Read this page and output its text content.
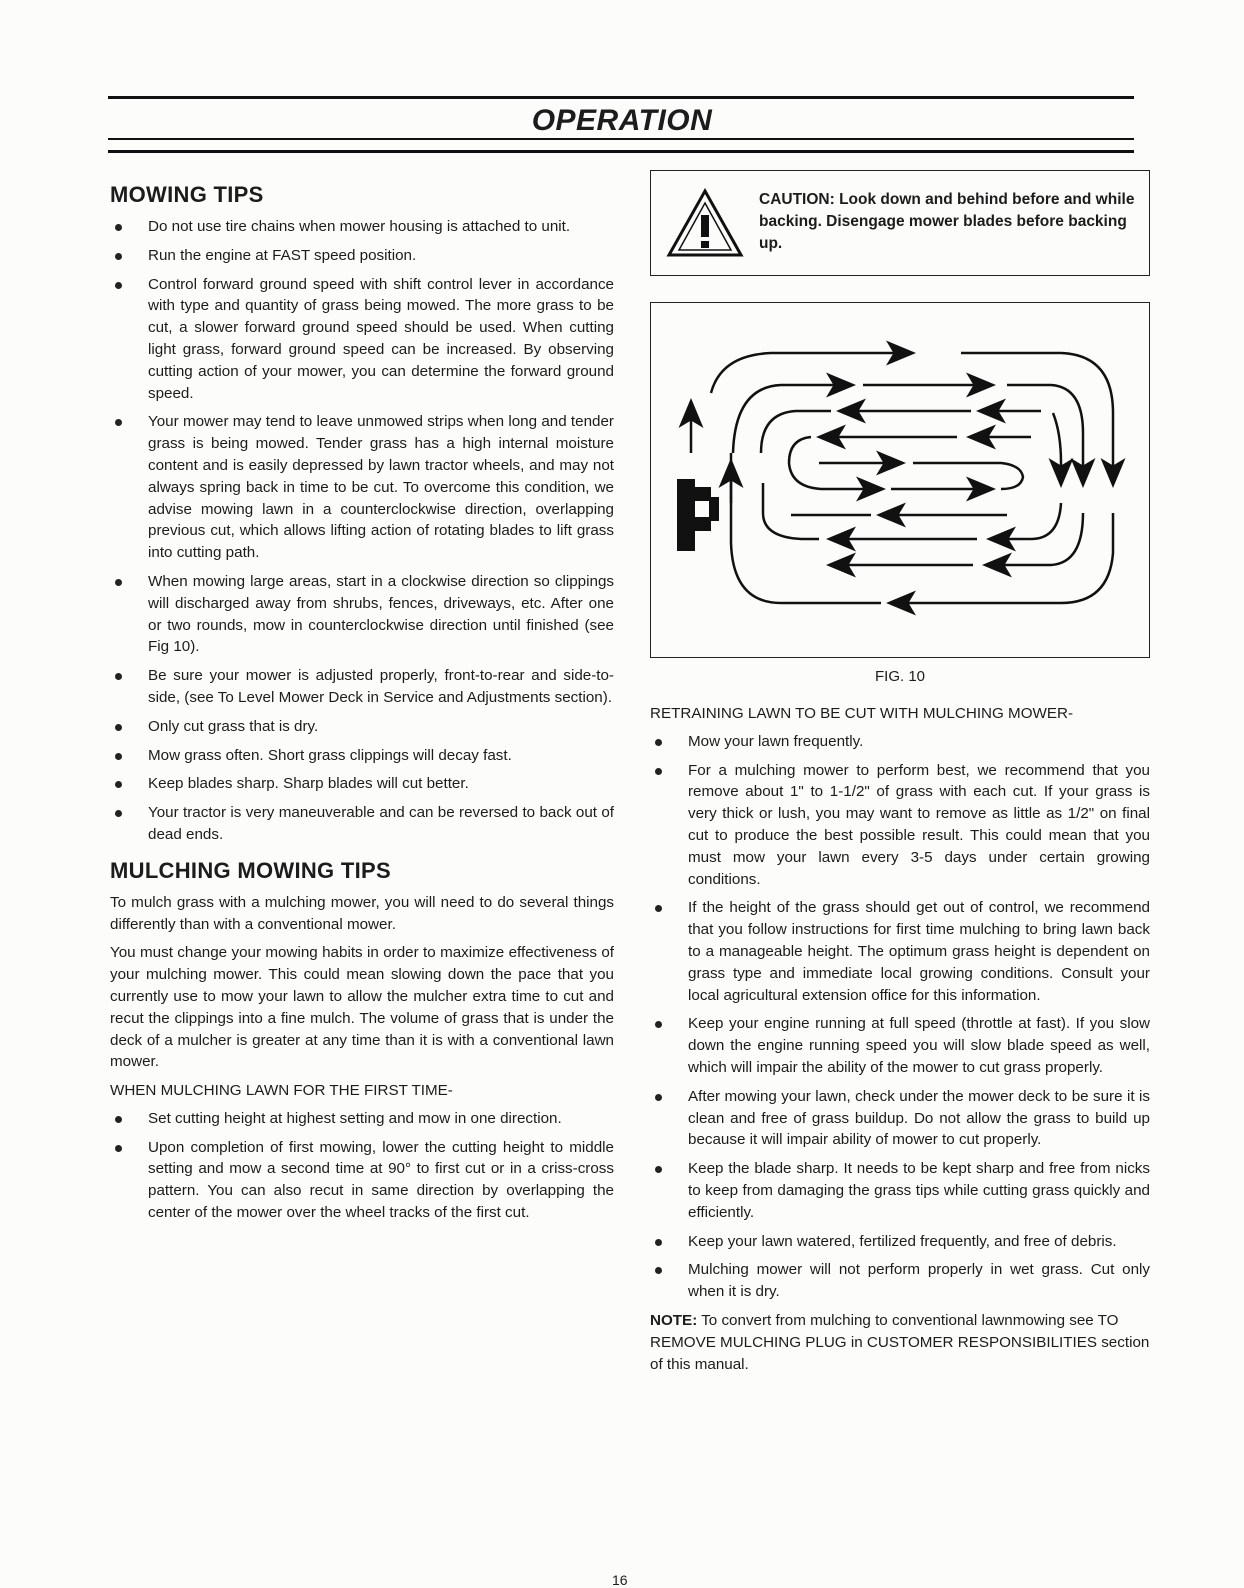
OPERATION
MOWING TIPS
Do not use tire chains when mower housing is attached to unit.
Run the engine at FAST speed position.
Control forward ground speed with shift control lever in accordance with type and quantity of grass being mowed. The more grass to be cut, a slower forward ground speed should be used. When cutting light grass, forward ground speed can be increased. By observing cutting action of your mower, you can determine the forward ground speed.
Your mower may tend to leave unmowed strips when long and tender grass is being mowed. Tender grass has a high internal moisture content and is easily depressed by lawn tractor wheels, and may not always spring back in time to be cut. To overcome this condition, we advise mowing lawn in a counterclockwise direction, overlapping previous cut, which allows lifting action of rotating blades to lift grass into cutting path.
When mowing large areas, start in a clockwise direction so clippings will discharged away from shrubs, fences, driveways, etc. After one or two rounds, mow in counterclockwise direction until finished (see Fig 10).
Be sure your mower is adjusted properly, front-to-rear and side-to-side, (see To Level Mower Deck in Service and Adjustments section).
Only cut grass that is dry.
Mow grass often. Short grass clippings will decay fast.
Keep blades sharp. Sharp blades will cut better.
Your tractor is very maneuverable and can be reversed to back out of dead ends.
MULCHING MOWING TIPS

To mulch grass with a mulching mower, you will need to do several things differently than with a conventional mower.

You must change your mowing habits in order to maximize effectiveness of your mulching mower. This could mean slowing down the pace that you currently use to mow your lawn to allow the mulcher extra time to cut and recut the clippings into a fine mulch. The volume of grass that is under the deck of a mulcher is greater at any time than it is with a conventional lawn mower.

WHEN MULCHING LAWN FOR THE FIRST TIME-
Set cutting height at highest setting and mow in one direction.
Upon completion of first mowing, lower the cutting height to middle setting and mow a second time at 90° to first cut or in a criss-cross pattern. You can also recut in same direction by overlapping the center of the mower over the wheel tracks of the first cut.
CAUTION: Look down and behind before and while backing. Disengage mower blades before backing up.
FIG. 10
RETRAINING LAWN TO BE CUT WITH MULCHING MOWER-
Mow your lawn frequently.
For a mulching mower to perform best, we recommend that you remove about 1" to 1-1/2" of grass with each cut. If your grass is very thick or lush, you may want to remove as little as 1/2" on final cut to produce the best possible result. This could mean that you must mow your lawn every 3-5 days under certain growing conditions.
If the height of the grass should get out of control, we recommend that you follow instructions for first time mulching to bring lawn back to a manageable height. The optimum grass height is dependent on grass type and immediate local growing conditions. Consult your local agricultural extension office for this information.
Keep your engine running at full speed (throttle at fast). If you slow down the engine running speed you will slow blade speed as well, which will impair the ability of the mower to cut grass properly.
After mowing your lawn, check under the mower deck to be sure it is clean and free of grass buildup. Do not allow the grass to build up because it will impair ability of mower to cut properly.
Keep the blade sharp. It needs to be kept sharp and free from nicks to keep from damaging the grass tips while cutting grass quickly and efficiently.
Keep your lawn watered, fertilized frequently, and free of debris.
Mulching mower will not perform properly in wet grass. Cut only when it is dry.
NOTE: To convert from mulching to conventional lawnmowing see TO REMOVE MULCHING PLUG in CUSTOMER RESPONSIBILITIES section of this manual.
16
